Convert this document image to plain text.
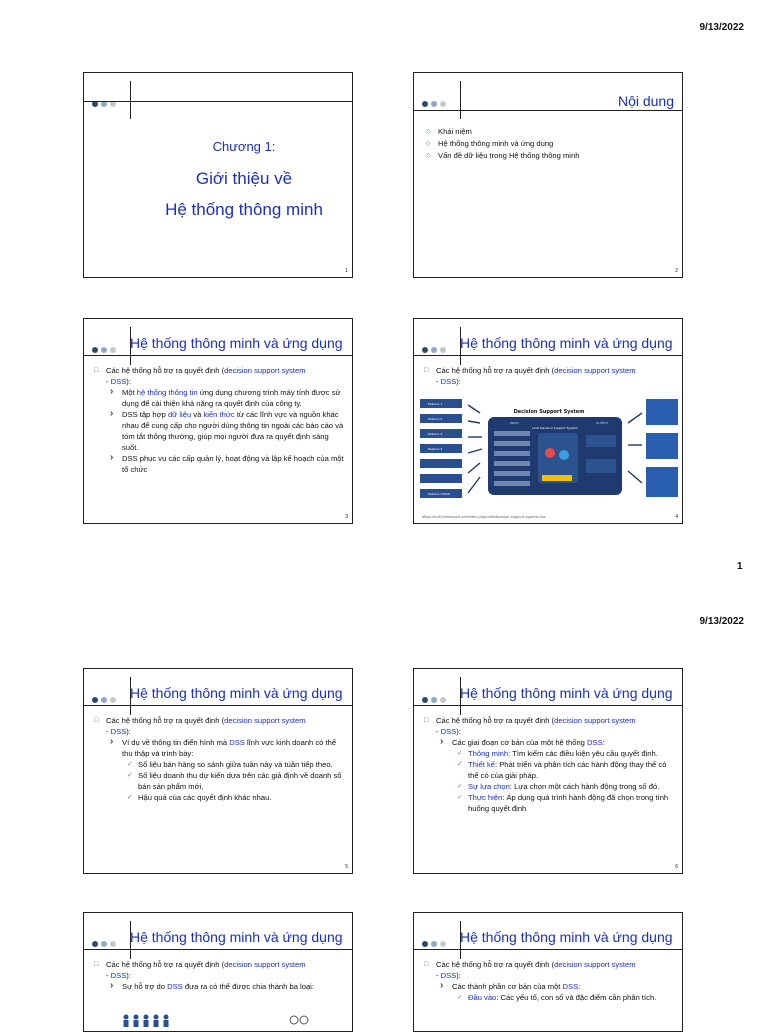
9/13/2022
Chương 1:
Giới thiệu về
Hệ thống thông minh
1
Nội dung
◇ Khái niệm
◇ Hệ thống thông minh và ứng dụng
◇ Vấn đề dữ liệu trong Hệ thống thông minh
2
Hệ thống thông minh và ứng dụng
□ Các hệ thống hỗ trợ ra quyết định (decision support system
- DSS):
› Một hệ thống thông tin ứng dụng chương trình máy tính được sử dụng để cải thiện khả năng ra quyết định của công ty.
› DSS tập hợp dữ liệu và kiến thức từ các lĩnh vực và nguồn khác nhau để cung cấp cho người dùng thông tin ngoài các báo cáo và tóm tắt thông thường, giúp mọi người đưa ra quyết định sáng suốt.
› DSS phục vụ các cấp quản lý, hoạt động và lập kế hoạch của một tổ chức
3
Hệ thống thông minh và ứng dụng
□ Các hệ thống hỗ trợ ra quyết định (decision support system
- DSS):
Feature 1
Feature 2
Feature 3
Feature 4
Feature 15000
Decision Support System
INPUT	OUTPUT
Uniti Decision Support System
https://uniti.tiresearch.net/index.php/uniti/decision-support-system-dss	4
1
9/13/2022
Hệ thống thông minh và ứng dụng
□ Các hệ thống hỗ trợ ra quyết định (decision support system
- DSS):
› Ví dụ về thông tin điển hình mà DSS lĩnh vực kinh doanh có thể thu thập và trình bày:
✓ Số liệu bán hàng so sánh giữa tuần này và tuần tiếp theo.
✓ Số liệu doanh thu dự kiến dựa trên các giả định về doanh số bán sản phẩm mới,
✓ Hậu quả của các quyết định khác nhau.
5
Hệ thống thông minh và ứng dụng
□ Các hệ thống hỗ trợ ra quyết định (decision support system
- DSS):
› Các giai đoạn cơ bản của một hệ thống DSS:
✓ Thông minh: Tìm kiếm các điều kiện yêu cầu quyết định.
✓ Thiết kế: Phát triển và phân tích các hành động thay thế có thể có của giải pháp.
✓ Sự lựa chọn: Lựa chọn một cách hành động trong số đó.
✓ Thực hiện: Áp dụng quá trình hành động đã chọn trong tình huống quyết định
6
Hệ thống thông minh và ứng dụng
□ Các hệ thống hỗ trợ ra quyết định (decision support system
- DSS):
› Sự hỗ trợ do DSS đưa ra có thể được chia thành ba loại:
Hệ thống thông minh và ứng dụng
□ Các hệ thống hỗ trợ ra quyết định (decision support system
- DSS):
› Các thành phần cơ bản của một DSS:
✓ Đầu vào: Các yếu tố, con số và đặc điểm cần phân tích.
